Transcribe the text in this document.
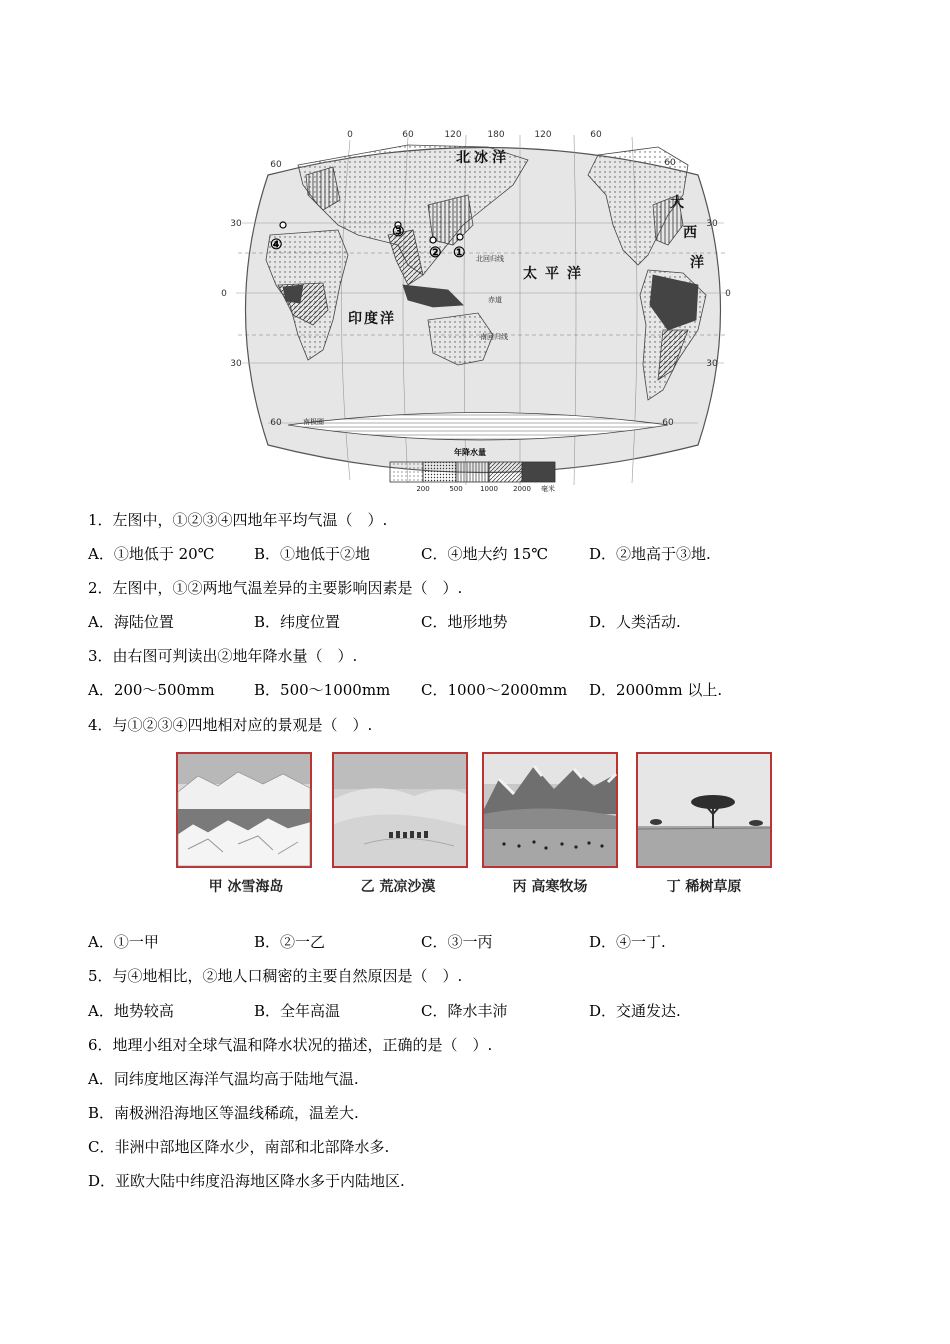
①
②
③
④
北冰洋
大
西
洋
太平洋
印度洋
北回归线
赤道
南回归线
南极圈
0	60	120	180	120	60
60
30
0
30
60
60
30
0
30
60
年降水量
200	500 1000 2000 毫米
1．左图中，①②③④四地年平均气温（　）.
A．①地低于 20℃	B．①地低于②地	C．④地大约 15℃	D．②地高于③地.
2．左图中，①②两地气温差异的主要影响因素是（　）.
A．海陆位置	B．纬度位置	C．地形地势	D．人类活动.
3．由右图可判读出②地年降水量（　）.
A．200～500mm	B．500～1000mm C．1000～2000mm D．2000mm 以上.
4．与①②③④四地相对应的景观是（　）.
甲 冰雪海岛	乙 荒凉沙漠	丙 高寒牧场	丁 稀树草原
A．①一甲	B．②一乙	C．③一丙	D．④一丁.
5．与④地相比，②地人口稠密的主要自然原因是（　）.
A．地势较高	B．全年高温	C．降水丰沛	D．交通发达.
6．地理小组对全球气温和降水状况的描述，正确的是（　）.
A．同纬度地区海洋气温均高于陆地气温.
B．南极洲沿海地区等温线稀疏，温差大.
C．非洲中部地区降水少，南部和北部降水多.
D．亚欧大陆中纬度沿海地区降水多于内陆地区.
